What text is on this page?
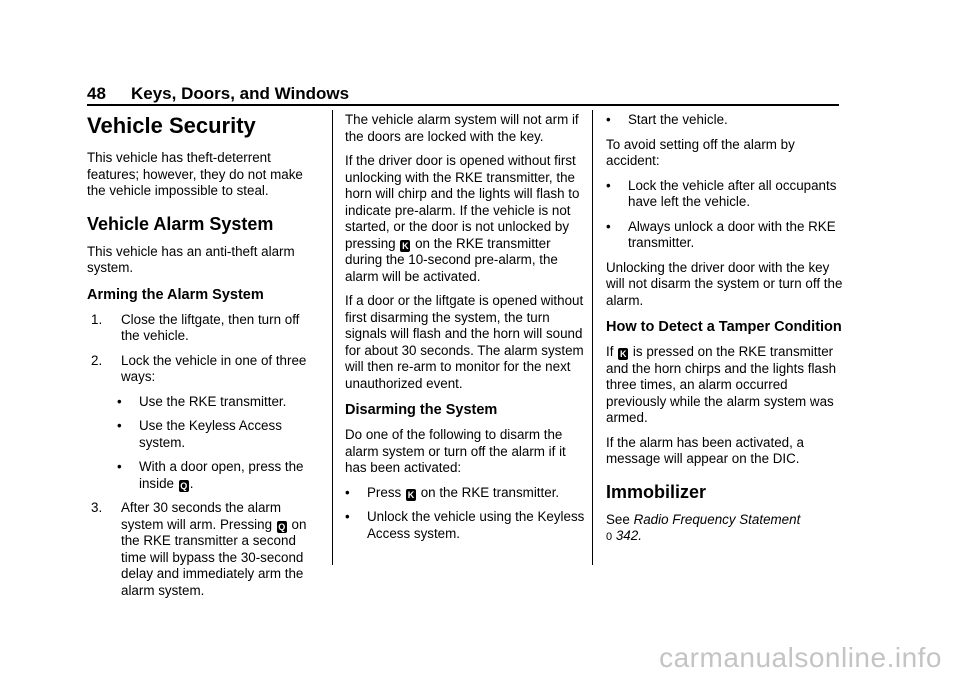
48 Keys, Doors, and Windows
Vehicle Security

This vehicle has theft-deterrent features; however, they do not make the vehicle impossible to steal.

Vehicle Alarm System

This vehicle has an anti-theft alarm system.

Arming the Alarm System
1.	Close the liftgate, then turn off the vehicle.
2.	Lock the vehicle in one of three ways:
•	Use the RKE transmitter.
•	Use the Keyless Access system.
•	With a door open, press the inside Q .
3.	After 30 seconds the alarm system will arm. Pressing Q on the RKE transmitter a second time will bypass the 30-second delay and immediately arm the alarm system.

The vehicle alarm system will not arm if the doors are locked with the key.

If the driver door is opened without first unlocking with the RKE transmitter, the horn will chirp and the lights will flash to indicate pre-alarm. If the vehicle is not started, or the door is not unlocked by pressing K on the RKE transmitter during the 10-second pre-alarm, the alarm will be activated.

If a door or the liftgate is opened without first disarming the system, the turn signals will flash and the horn will sound for about 30 seconds. The alarm system will then re-arm to monitor for the next unauthorized event.

Disarming the System

Do one of the following to disarm the alarm system or turn off the alarm if it has been activated:

•	Press K on the RKE transmitter.
•	Unlock the vehicle using the Keyless Access system.
•	Start the vehicle.

To avoid setting off the alarm by accident:

•	Lock the vehicle after all occupants have left the vehicle.
•	Always unlock a door with the RKE transmitter.

Unlocking the driver door with the key will not disarm the system or turn off the alarm.

How to Detect a Tamper Condition

If K is pressed on the RKE transmitter and the horn chirps and the lights flash three times, an alarm occurred previously while the alarm system was armed.

If the alarm has been activated, a message will appear on the DIC.

Immobilizer

See Radio Frequency Statement
0 342.

carmanualsonline.info
